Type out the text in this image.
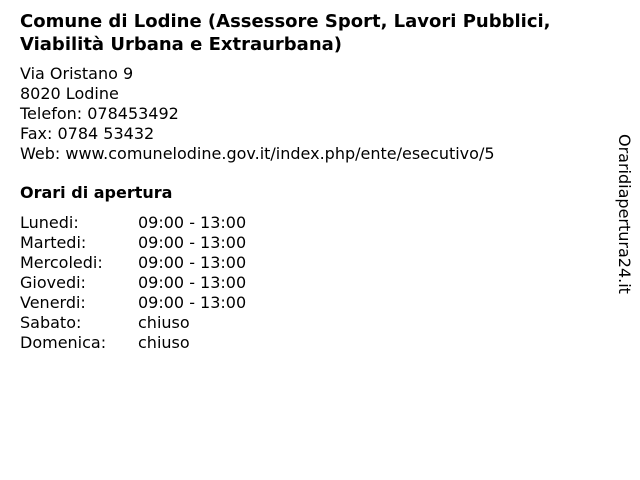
Comune di Lodine (Assessore Sport, Lavori Pubblici, Viabilità Urbana e Extraurbana)
Via Oristano 9
8020 Lodine
Telefon: 078453492
Fax: 0784 53432
Web: www.comunelodine.gov.it/index.php/ente/esecutivo/5
Orari di apertura
Lunedi:	09:00 - 13:00
Martedi:	09:00 - 13:00
Mercoledi:	09:00 - 13:00
Giovedi:	09:00 - 13:00
Venerdi:	09:00 - 13:00
Sabato:	chiuso
Domenica:	chiuso
Oraridiapertura24.it
